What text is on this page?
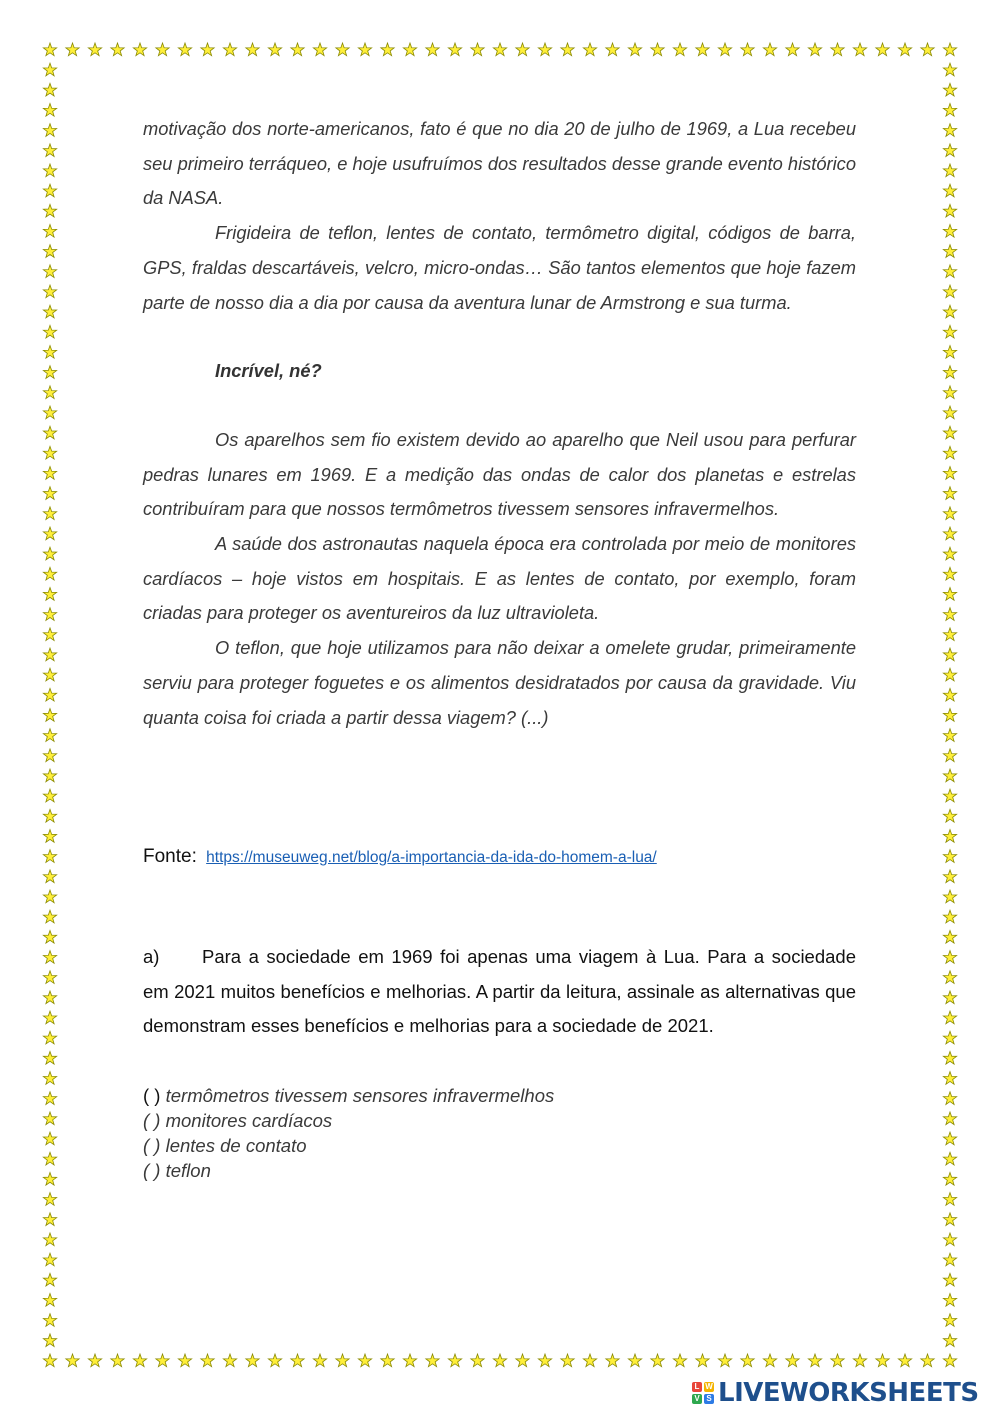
motivação dos norte-americanos, fato é que no dia 20 de julho de 1969, a Lua recebeu seu primeiro terráqueo, e hoje usufruímos dos resultados desse grande evento histórico da NASA.

Frigideira de teflon, lentes de contato, termômetro digital, códigos de barra, GPS, fraldas descartáveis, velcro, micro-ondas… São tantos elementos que hoje fazem parte de nosso dia a dia por causa da aventura lunar de Armstrong e sua turma.

Incrível, né?

Os aparelhos sem fio existem devido ao aparelho que Neil usou para perfurar pedras lunares em 1969. E a medição das ondas de calor dos planetas e estrelas contribuíram para que nossos termômetros tivessem sensores infravermelhos.

A saúde dos astronautas naquela época era controlada por meio de monitores cardíacos – hoje vistos em hospitais. E as lentes de contato, por exemplo, foram criadas para proteger os aventureiros da luz ultravioleta.

O teflon, que hoje utilizamos para não deixar a omelete grudar, primeiramente serviu para proteger foguetes e os alimentos desidratados por causa da gravidade. Viu quanta coisa foi criada a partir dessa viagem? (...)

Fonte: https://museuweg.net/blog/a-importancia-da-ida-do-homem-a-lua/

a) Para a sociedade em 1969 foi apenas uma viagem à Lua. Para a sociedade em 2021 muitos benefícios e melhorias. A partir da leitura, assinale as alternativas que demonstram esses benefícios e melhorias para a sociedade de 2021.

( ) termômetros tivessem sensores infravermelhos
( ) monitores cardíacos
( ) lentes de contato
( ) teflon
L W
V S LIVEWORKSHEETS
